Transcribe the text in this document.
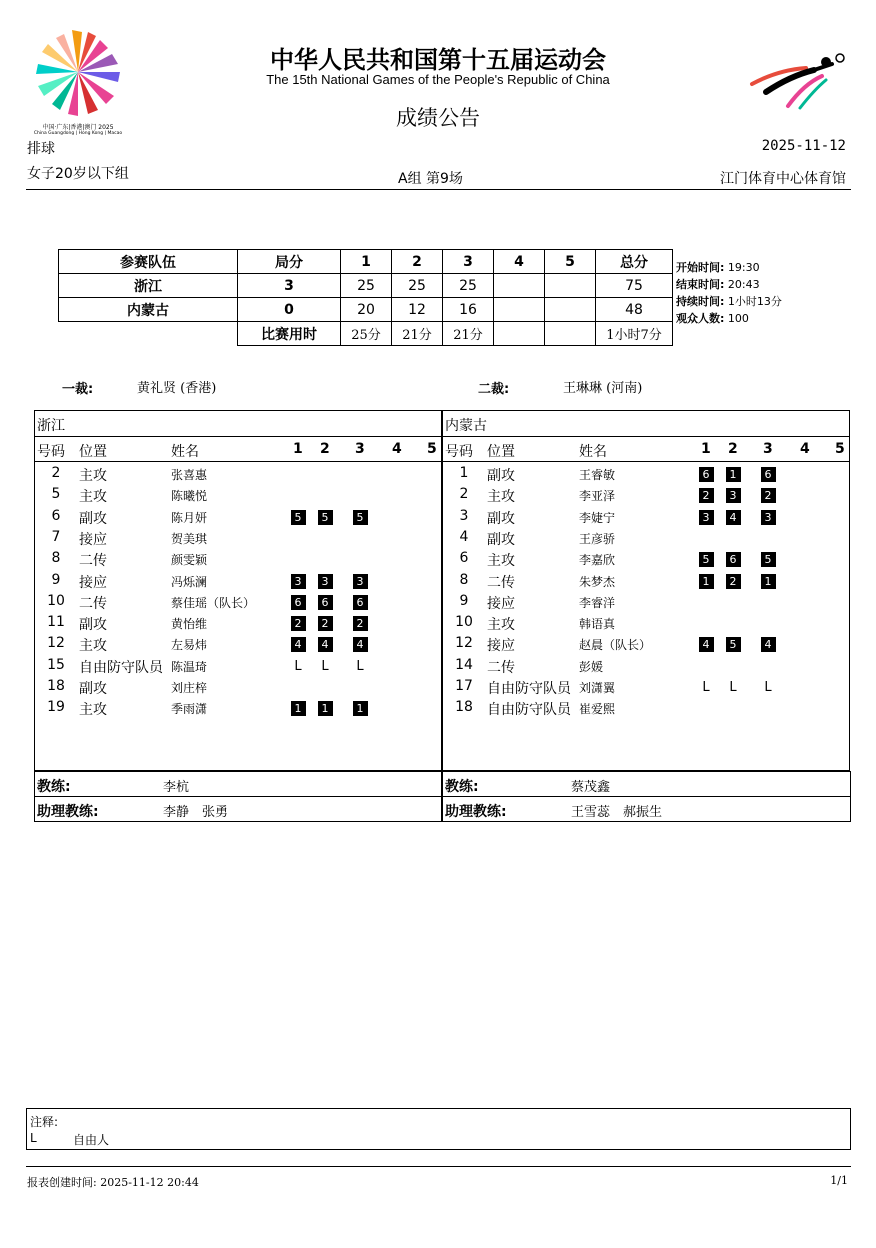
中国·广东|香港|澳门 2025
China Guangdong | Hong Kong | Macao
中华人民共和国第十五届运动会
The 15th National Games of the People's Republic of China
成绩公告
排球	2025-11-12
女子20岁以下组	A组 第9场	江门体育中心体育馆
参赛队伍	局分	1	2	3	4	5	总分
浙江	3	25	25	25			75
内蒙古	0	20	12	16			48
	比赛用时	25分	21分	21分			1小时7分
开始时间: 19:30
结束时间: 20:43
持续时间: 1小时13分
观众人数: 100
一裁:	黄礼贤 (香港)	二裁:	王琳琳 (河南)
浙江
号码 位置	姓名	1 2 3 4 5
2	主攻	张喜惠
5	主攻	陈曦悦
6	副攻	陈月妍	5	5	5
7	接应	贺美琪
8	二传	颜雯颖
9	接应	冯烁澜	3	3	3
10	二传	蔡佳瑶（队长）	6	6	6
11	副攻	黄怡维	2	2	2
12	主攻	左易炜	4	4	4
15	自由防守队员 陈温琦	L	L	L
18	副攻	刘庄梓
19	主攻	季雨潇	1	1	1
内蒙古
号码 位置	姓名	1 2 3 4 5
1	副攻	王睿敏	6	1	6
2	主攻	李亚泽	2	3	2
3	副攻	李婕宁	3	4	3
4	副攻	王彦骄
6	主攻	李嘉欣	5	6	5
8	二传	朱梦杰	1	2	1
9	接应	李睿洋
10	主攻	韩语真
12	接应	赵晨（队长）	4	5	4
14	二传	彭媛
17	自由防守队员 刘潇翼	L	L	L
18	自由防守队员 崔爱熙
教练:	李杭	教练:	蔡茂鑫
助理教练:	李静　张勇	助理教练:	王雪蕊　郝振生
注释:
L	自由人
报表创建时间: 2025-11-12 20:44	1/1
